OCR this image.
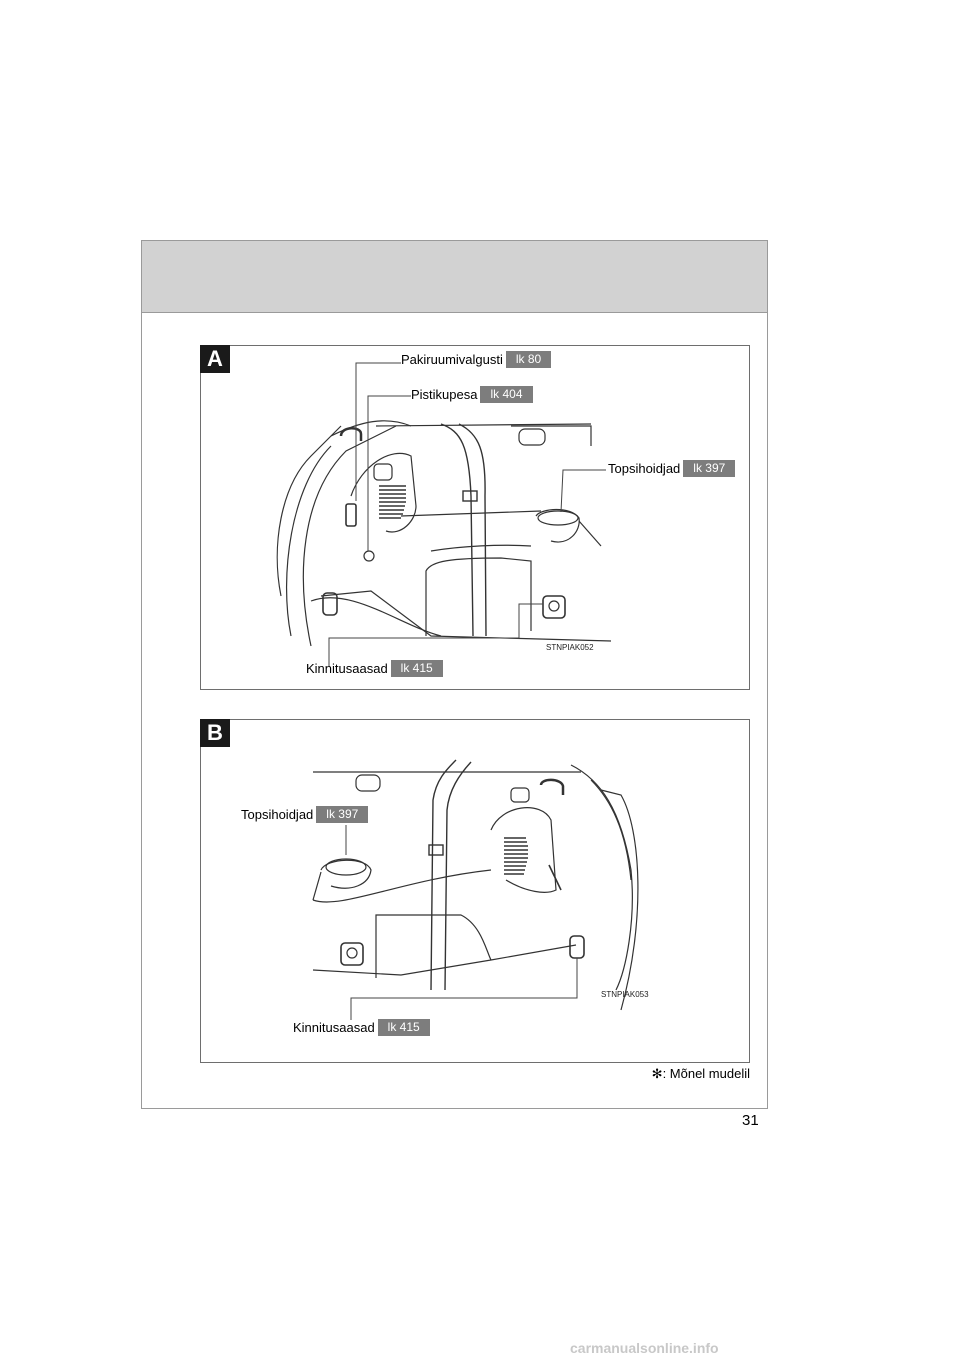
A	Pakiruumivalgusti	lk 80
Pistikupesa	lk 404
Topsihoidjad	lk 397
Kinnitusaasad	lk 415
STNPIAK052
B
Topsihoidjad	lk 397
Kinnitusaasad	lk 415
STNPIAK053
✻: Mõnel mudelil
31
carmanualsonline.info
